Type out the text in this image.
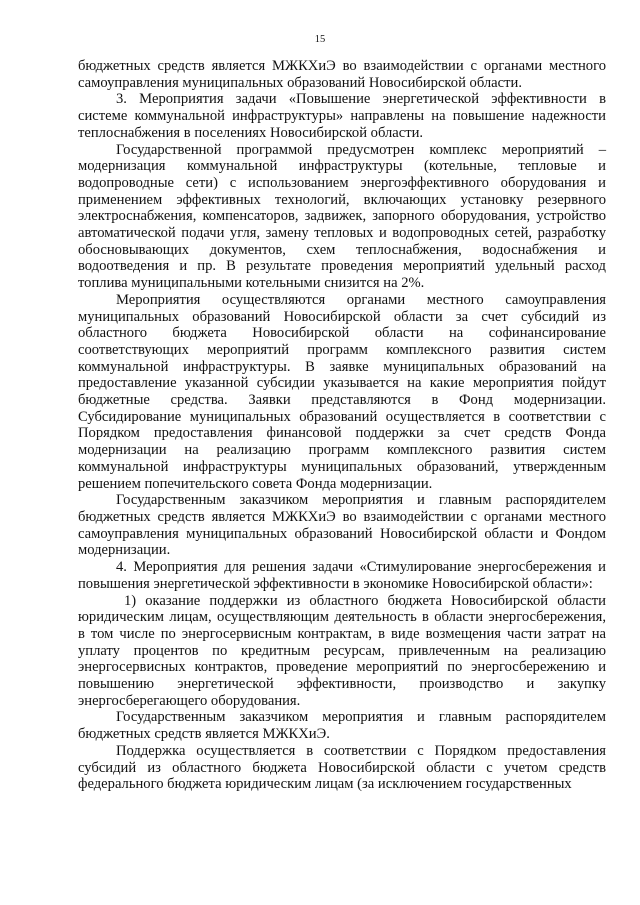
15

бюджетных средств является МЖКХиЭ во взаимодействии с органами местного самоуправления муниципальных образований Новосибирской области.

3. Мероприятия задачи «Повышение энергетической эффективности в системе коммунальной инфраструктуры» направлены на повышение надежности теплоснабжения в поселениях Новосибирской области.

Государственной программой предусмотрен комплекс мероприятий – модернизация коммунальной инфраструктуры (котельные, тепловые и водопроводные сети) с использованием энергоэффективного оборудования и применением эффективных технологий, включающих установку резервного электроснабжения, компенсаторов, задвижек, запорного оборудования, устройство автоматической подачи угля, замену тепловых и водопроводных сетей, разработку обосновывающих документов, схем теплоснабжения, водоснабжения и водоотведения и пр. В результате проведения мероприятий удельный расход топлива муниципальными котельными снизится на 2%.

Мероприятия осуществляются органами местного самоуправления муниципальных образований Новосибирской области за счет субсидий из областного бюджета Новосибирской области на софинансирование соответствующих мероприятий программ комплексного развития систем коммунальной инфраструктуры. В заявке муниципальных образований на предоставление указанной субсидии указывается на какие мероприятия пойдут бюджетные средства. Заявки представляются в Фонд модернизации. Субсидирование муниципальных образований осуществляется в соответствии с Порядком предоставления финансовой поддержки за счет средств Фонда модернизации на реализацию программ комплексного развития систем коммунальной инфраструктуры муниципальных образований, утвержденным решением попечительского совета Фонда модернизации.

Государственным заказчиком мероприятия и главным распорядителем бюджетных средств является МЖКХиЭ во взаимодействии с органами местного самоуправления муниципальных образований Новосибирской области и Фондом модернизации.

4. Мероприятия для решения задачи «Стимулирование энергосбережения и повышения энергетической эффективности в экономике Новосибирской области»:

1) оказание поддержки из областного бюджета Новосибирской области юридическим лицам, осуществляющим деятельность в области энергосбережения, в том числе по энергосервисным контрактам, в виде возмещения части затрат на уплату процентов по кредитным ресурсам, привлеченным на реализацию энергосервисных контрактов, проведение мероприятий по энергосбережению и повышению энергетической эффективности, производство и закупку энергосберегающего оборудования.

Государственным заказчиком мероприятия и главным распорядителем бюджетных средств является МЖКХиЭ.

Поддержка осуществляется в соответствии с Порядком предоставления субсидий из областного бюджета Новосибирской области с учетом средств федерального бюджета юридическим лицам (за исключением государственных
